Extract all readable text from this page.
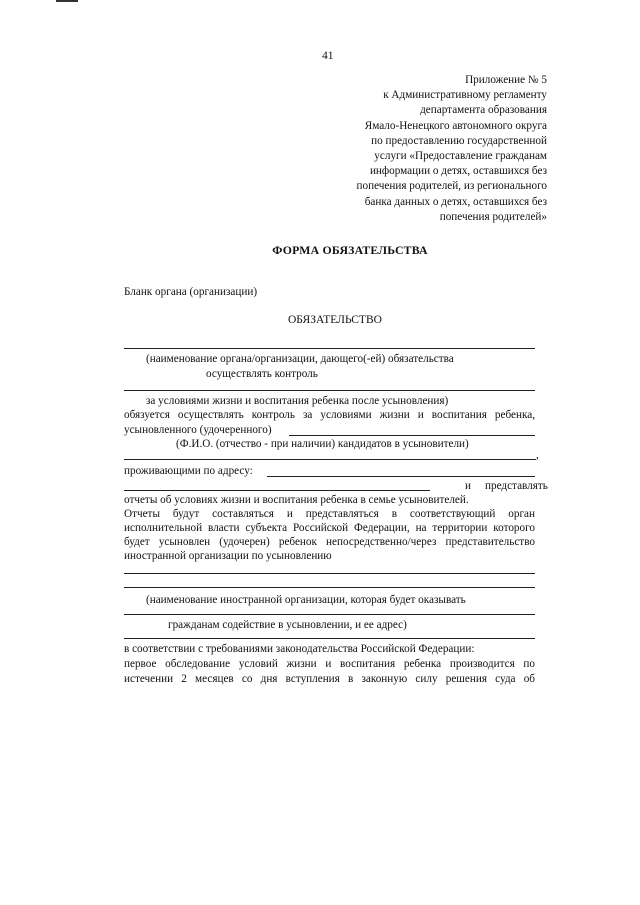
41
Приложение № 5
к Административному регламенту
департамента образования
Ямало-Ненецкого автономного округа
по предоставлению государственной
услуги «Предоставление гражданам
информации о детях, оставшихся без
попечения родителей, из регионального
банка данных о детях, оставшихся без
попечения родителей»
ФОРМА ОБЯЗАТЕЛЬСТВА
Бланк органа (организации)
ОБЯЗАТЕЛЬСТВО
(наименование органа/организации, дающего(-ей) обязательства
осуществлять контроль
за условиями жизни и воспитания ребенка после усыновления)
обязуется осуществлять контроль за условиями жизни и воспитания ребенка,
усыновленного (удочеренного)
(Ф.И.О. (отчество - при наличии) кандидатов в усыновители)
,
проживающими по адресу:
и представлять
отчеты об условиях жизни и воспитания ребенка в семье усыновителей.
Отчеты будут составляться и представляться в соответствующий орган
исполнительной власти субъекта Российской Федерации, на территории которого
будет усыновлен (удочерен) ребенок непосредственно/через представительство
иностранной организации по усыновлению
(наименование иностранной организации, которая будет оказывать
гражданам содействие в усыновлении, и ее адрес)
в соответствии с требованиями законодательства Российской Федерации:
первое обследование условий жизни и воспитания ребенка производится по
истечении 2 месяцев со дня вступления в законную силу решения суда об
